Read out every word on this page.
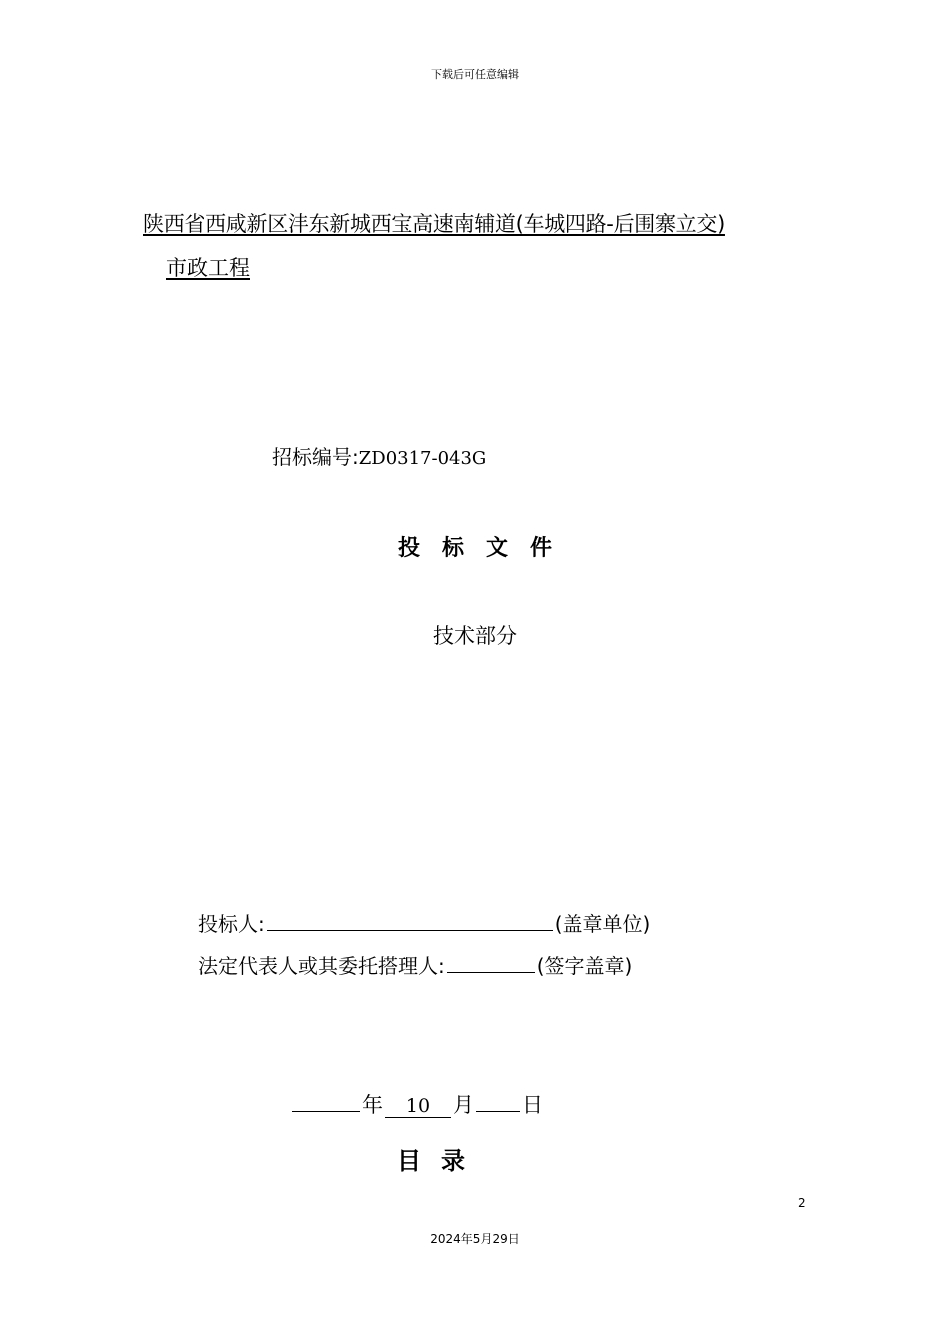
下载后可任意编辑
陕西省西咸新区沣东新城西宝高速南辅道(车城四路-后围寨立交)
市政工程
招标编号:ZD0317-043G
投标文件
技术部分
投标人:	(盖章单位)
法定代表人或其委托搭理人:	(签字盖章)
年	10	月 日
目录
2
2024年5月29日
